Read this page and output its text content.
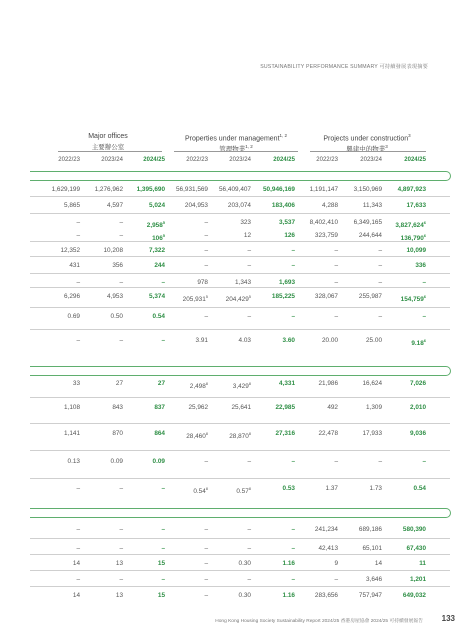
SUSTAINABILITY PERFORMANCE SUMMARY 可持續發展表現摘要
Major offices
主要辦公室
Properties under management$^{1, 2}$
管理物業$^{1, 2}$
Projects under construction$^3$
興建中的物業$^3$
2022/23	2023/24	2024/25	2022/23	2023/24	2024/25	2022/23	2023/24	2024/25
1,629,199	1,276,962	1,395,690	56,931,569	56,409,407	50,946,169	1,191,147	3,150,969	4,897,923
5,865	4,597	5,024	204,953	203,074	183,406	4,288	11,343	17,633
–	–	2,958$^5$	–	323	3,537	8,402,410	6,349,165	3,827,624$^6$
–	–	$106^5$	–	12	126	323,759	244,644	136,790$^6$
12,352	10,208	7,322	–	–	–	–	–	10,099
431	356	244	–	–	–	–	–	336
–	–	–	978	1,343	1,693	–	–	–
6,296	4,953	5,374	205,931$^5$	204,429$^5$	185,225	328,067	255,987	154,759$^6$
0.69	0.50	0.54	–	–	–	–	–	–
–	–	–	3.91	4.03	3.60	20.00	25.00	9.18$^6$
33	27	27	2,498$^8$	3,429$^8$	4,331	21,986	16,624	7,026
1,108	843	837	25,962	25,641	22,985	492	1,309	2,010
1,141	870	864	28,460$^8$	28,870$^8$	27,316	22,478	17,933	9,036
0.13	0.09	0.09	–	–	–	–	–	–
–	–	–	0.54$^8$	0.57$^8$	0.53	1.37	1.73	0.54
–	–	–	–	–	–	241,234	689,186	580,390
–	–	–	–	–	–	42,413	65,101	67,430
14	13	15	–	0.30	1.16	9	14	11
–	–	–	–	–	–	–	3,646	1,201
14	13	15	–	0.30	1.16	283,656	757,947	649,032
Hong Kong Housing Society Sustainability Report 2024/25 香港房屋協會 2024/25 可持續發展報告 133
